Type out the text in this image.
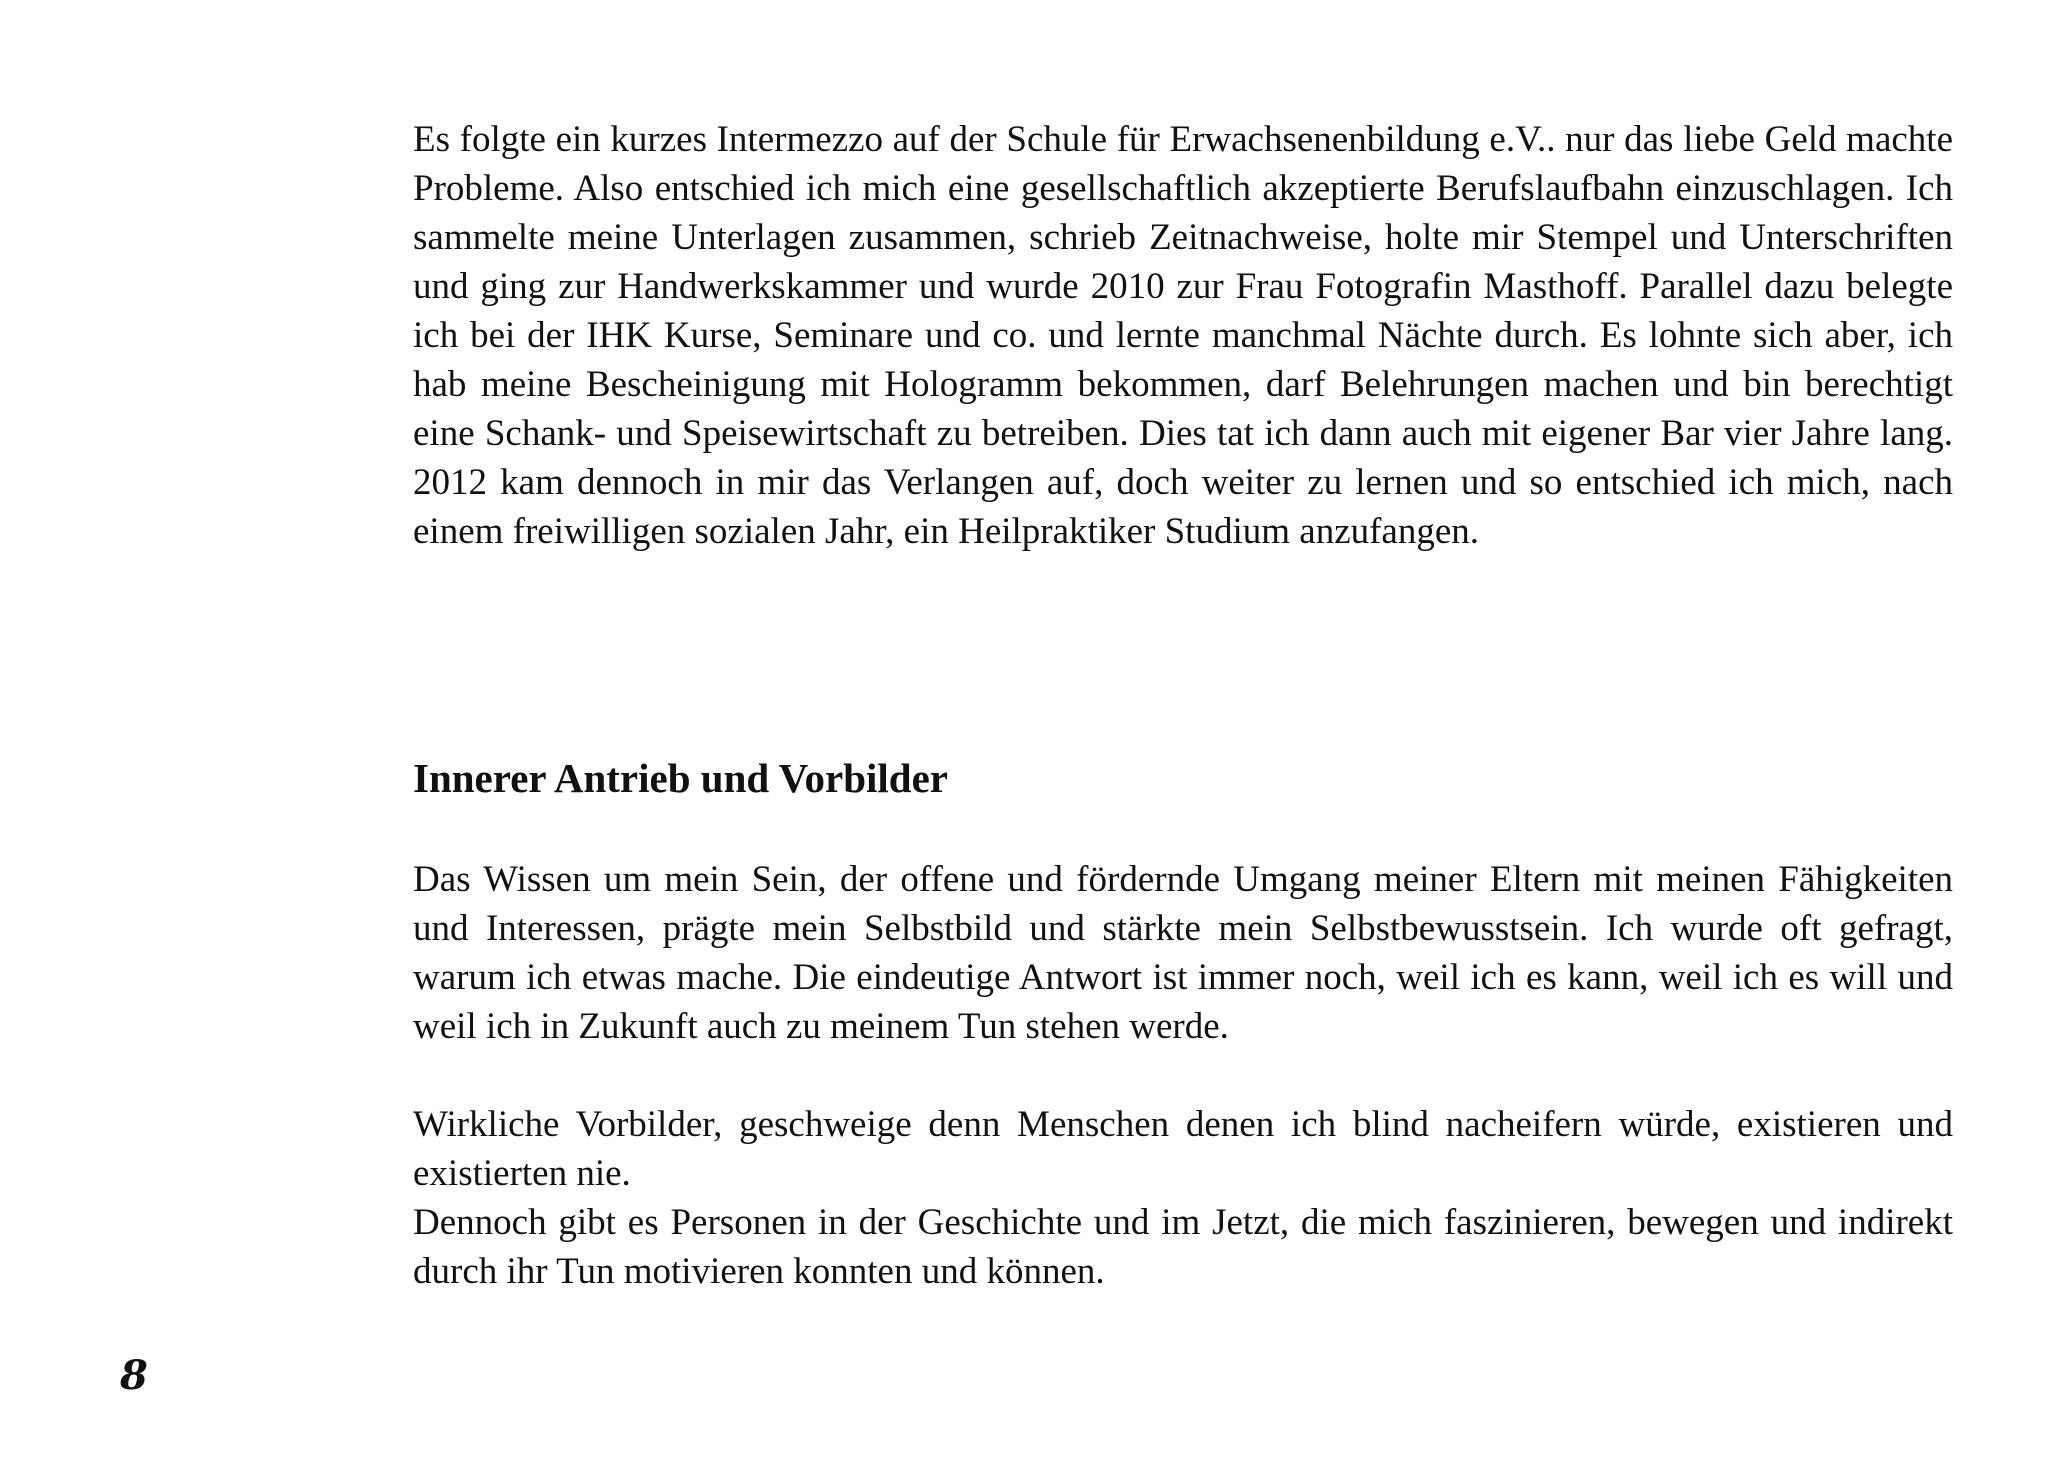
Es folgte ein kurzes Intermezzo auf der Schule für Erwachsenenbildung e.V.. nur das liebe Geld machte Probleme. Also entschied ich mich eine gesellschaftlich akzeptierte Berufslaufbahn einzuschlagen. Ich sammelte meine Unterlagen zusammen, schrieb Zeitnachweise, holte mir Stempel und Unterschriften und ging zur Handwerkskammer und wurde 2010 zur Frau Fotografin Masthoff. Parallel dazu belegte ich bei der IHK Kurse, Seminare und co. und lernte manchmal Nächte durch. Es lohnte sich aber, ich hab meine Bescheinigung mit Hologramm bekommen, darf Belehrungen machen und bin berechtigt eine Schank- und Speisewirtschaft zu betreiben. Dies tat ich dann auch mit eigener Bar vier Jahre lang. 2012 kam dennoch in mir das Verlangen auf, doch weiter zu lernen und so entschied ich mich, nach einem freiwilligen sozialen Jahr, ein Heilpraktiker Studium anzufangen.

Innerer Antrieb und Vorbilder

Das Wissen um mein Sein, der offene und fördernde Umgang meiner Eltern mit meinen Fähigkeiten und Interessen, prägte mein Selbstbild und stärkte mein Selbstbewusstsein. Ich wurde oft gefragt, warum ich etwas mache. Die eindeutige Antwort ist immer noch, weil ich es kann, weil ich es will und weil ich in Zukunft auch zu meinem Tun stehen werde.

Wirkliche Vorbilder, geschweige denn Menschen denen ich blind nacheifern würde, existieren und existierten nie.

Dennoch gibt es Personen in der Geschichte und im Jetzt, die mich faszinieren, bewegen und indirekt durch ihr Tun motivieren konnten und können.

8
